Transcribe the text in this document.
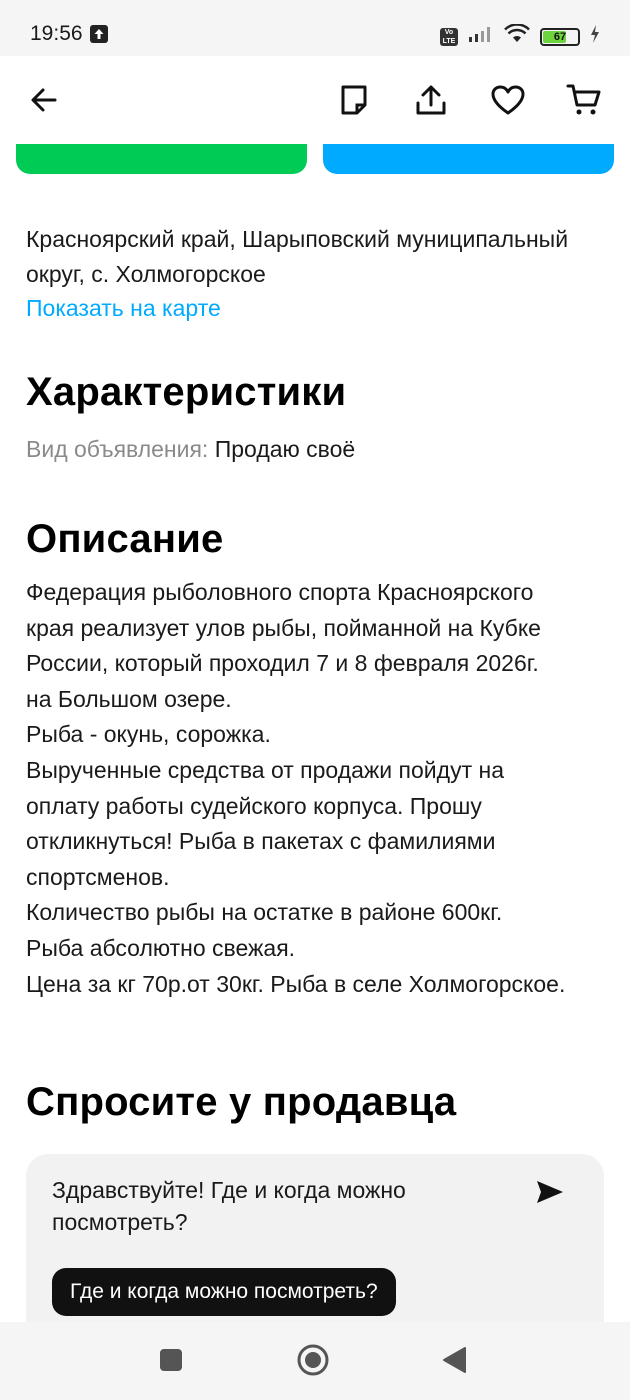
19:56	Vo LTE	67
Красноярский край, Шарыповский муниципальный округ, с. Холмогорское
Показать на карте
Характеристики
Вид объявления: Продаю своё
Описание
Федерация рыболовного спорта Красноярского
края реализует улов рыбы, пойманной на Кубке
России, который проходил 7 и 8 февраля 2026г.
на Большом озере.
Рыба - окунь, сорожка.
Вырученные средства от продажи пойдут на
оплату работы судейского корпуса. Прошу
откликнуться! Рыба в пакетах с фамилиями
спортсменов.
Количество рыбы на остатке в районе 600кг.
Рыба абсолютно свежая.
Цена за кг 70р.от 30кг. Рыба в селе Холмогорское.
Спросите у продавца
Здравствуйте! Где и когда можно посмотреть?
Где и когда можно посмотреть?
